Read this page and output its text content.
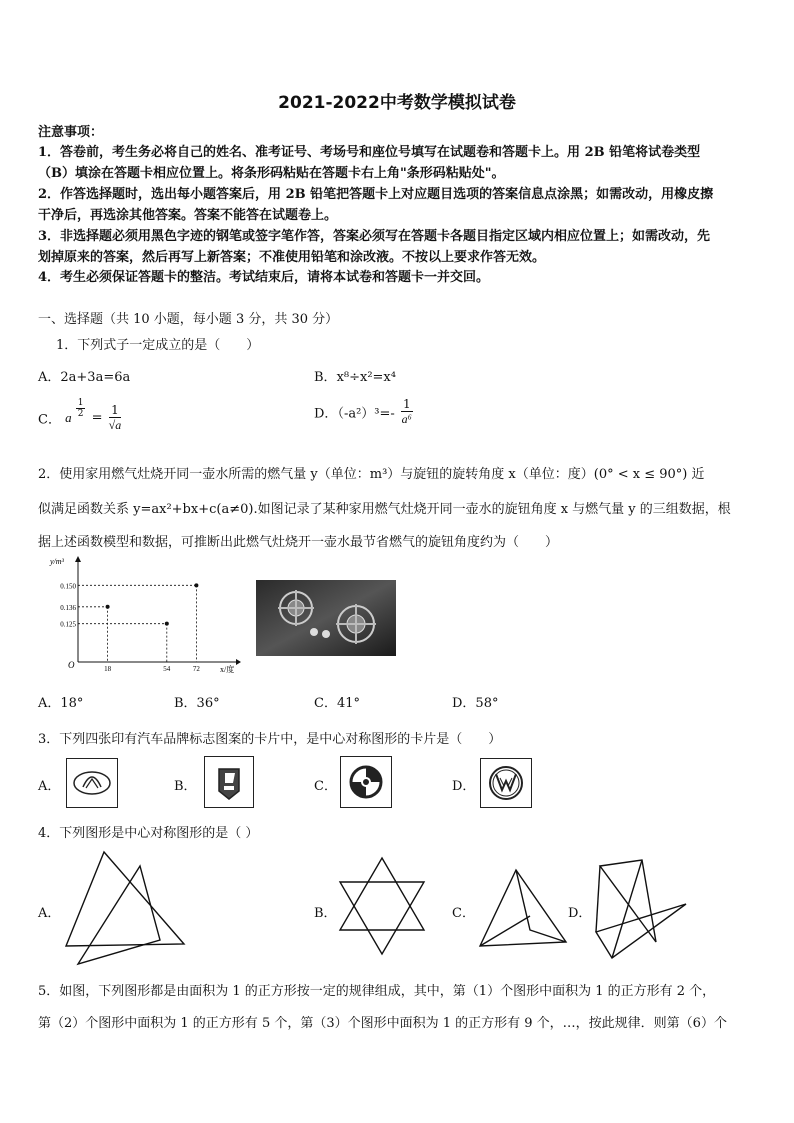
2021-2022中考数学模拟试卷
注意事项：
1．答卷前，考生务必将自己的姓名、准考证号、考场号和座位号填写在试题卷和答题卡上。用 2B 铅笔将试卷类型
（B）填涂在答题卡相应位置上。将条形码粘贴在答题卡右上角"条形码粘贴处"。
2．作答选择题时，选出每小题答案后，用 2B 铅笔把答题卡上对应题目选项的答案信息点涂黑；如需改动，用橡皮擦
干净后，再选涂其他答案。答案不能答在试题卷上。
3．非选择题必须用黑色字迹的钢笔或签字笔作答，答案必须写在答题卡各题目指定区域内相应位置上；如需改动，先
划掉原来的答案，然后再写上新答案；不准使用铅笔和涂改液。不按以上要求作答无效。
4．考生必须保证答题卡的整洁。考试结束后，请将本试卷和答题卡一并交回。
一、选择题（共 10 小题，每小题 3 分，共 30 分）
1．下列式子一定成立的是（　　）
A．2a+3a=6a	B．x⁸÷x²=x⁴
C． a $\frac{1}{2} = \frac{1}{√a}$	D．$(-a^2)^3=- \frac{1}{\text{a⁶}}$
2．使用家用燃气灶烧开同一壶水所需的燃气量 y（单位：m³）与旋钮的旋转角度 x（单位：度）(0° < x ≤ 90°) 近
似满足函数关系 y=ax²+bx+c(a≠0).如图记录了某种家用燃气灶烧开同一壶水的旋钮角度 x 与燃气量 y 的三组数据，根
据上述函数模型和数据，可推断出此燃气灶烧开一壶水最节省燃气的旋钮角度约为（　　）
y/m³
x/度
O	18	54	72
0.150
0.136
0.125
A．18°	B．36°	C．41°	D．58°
3．下列四张印有汽车品牌标志图案的卡片中，是中心对称图形的卡片是（　　）
A．	B．	C．	D．
4．下列图形是中心对称图形的是（ ）
A．	B．	C．	D．
5．如图，下列图形都是由面积为 1 的正方形按一定的规律组成，其中，第（1）个图形中面积为 1 的正方形有 2 个，
第（2）个图形中面积为 1 的正方形有 5 个，第（3）个图形中面积为 1 的正方形有 9 个，…，按此规律．则第（6）个
